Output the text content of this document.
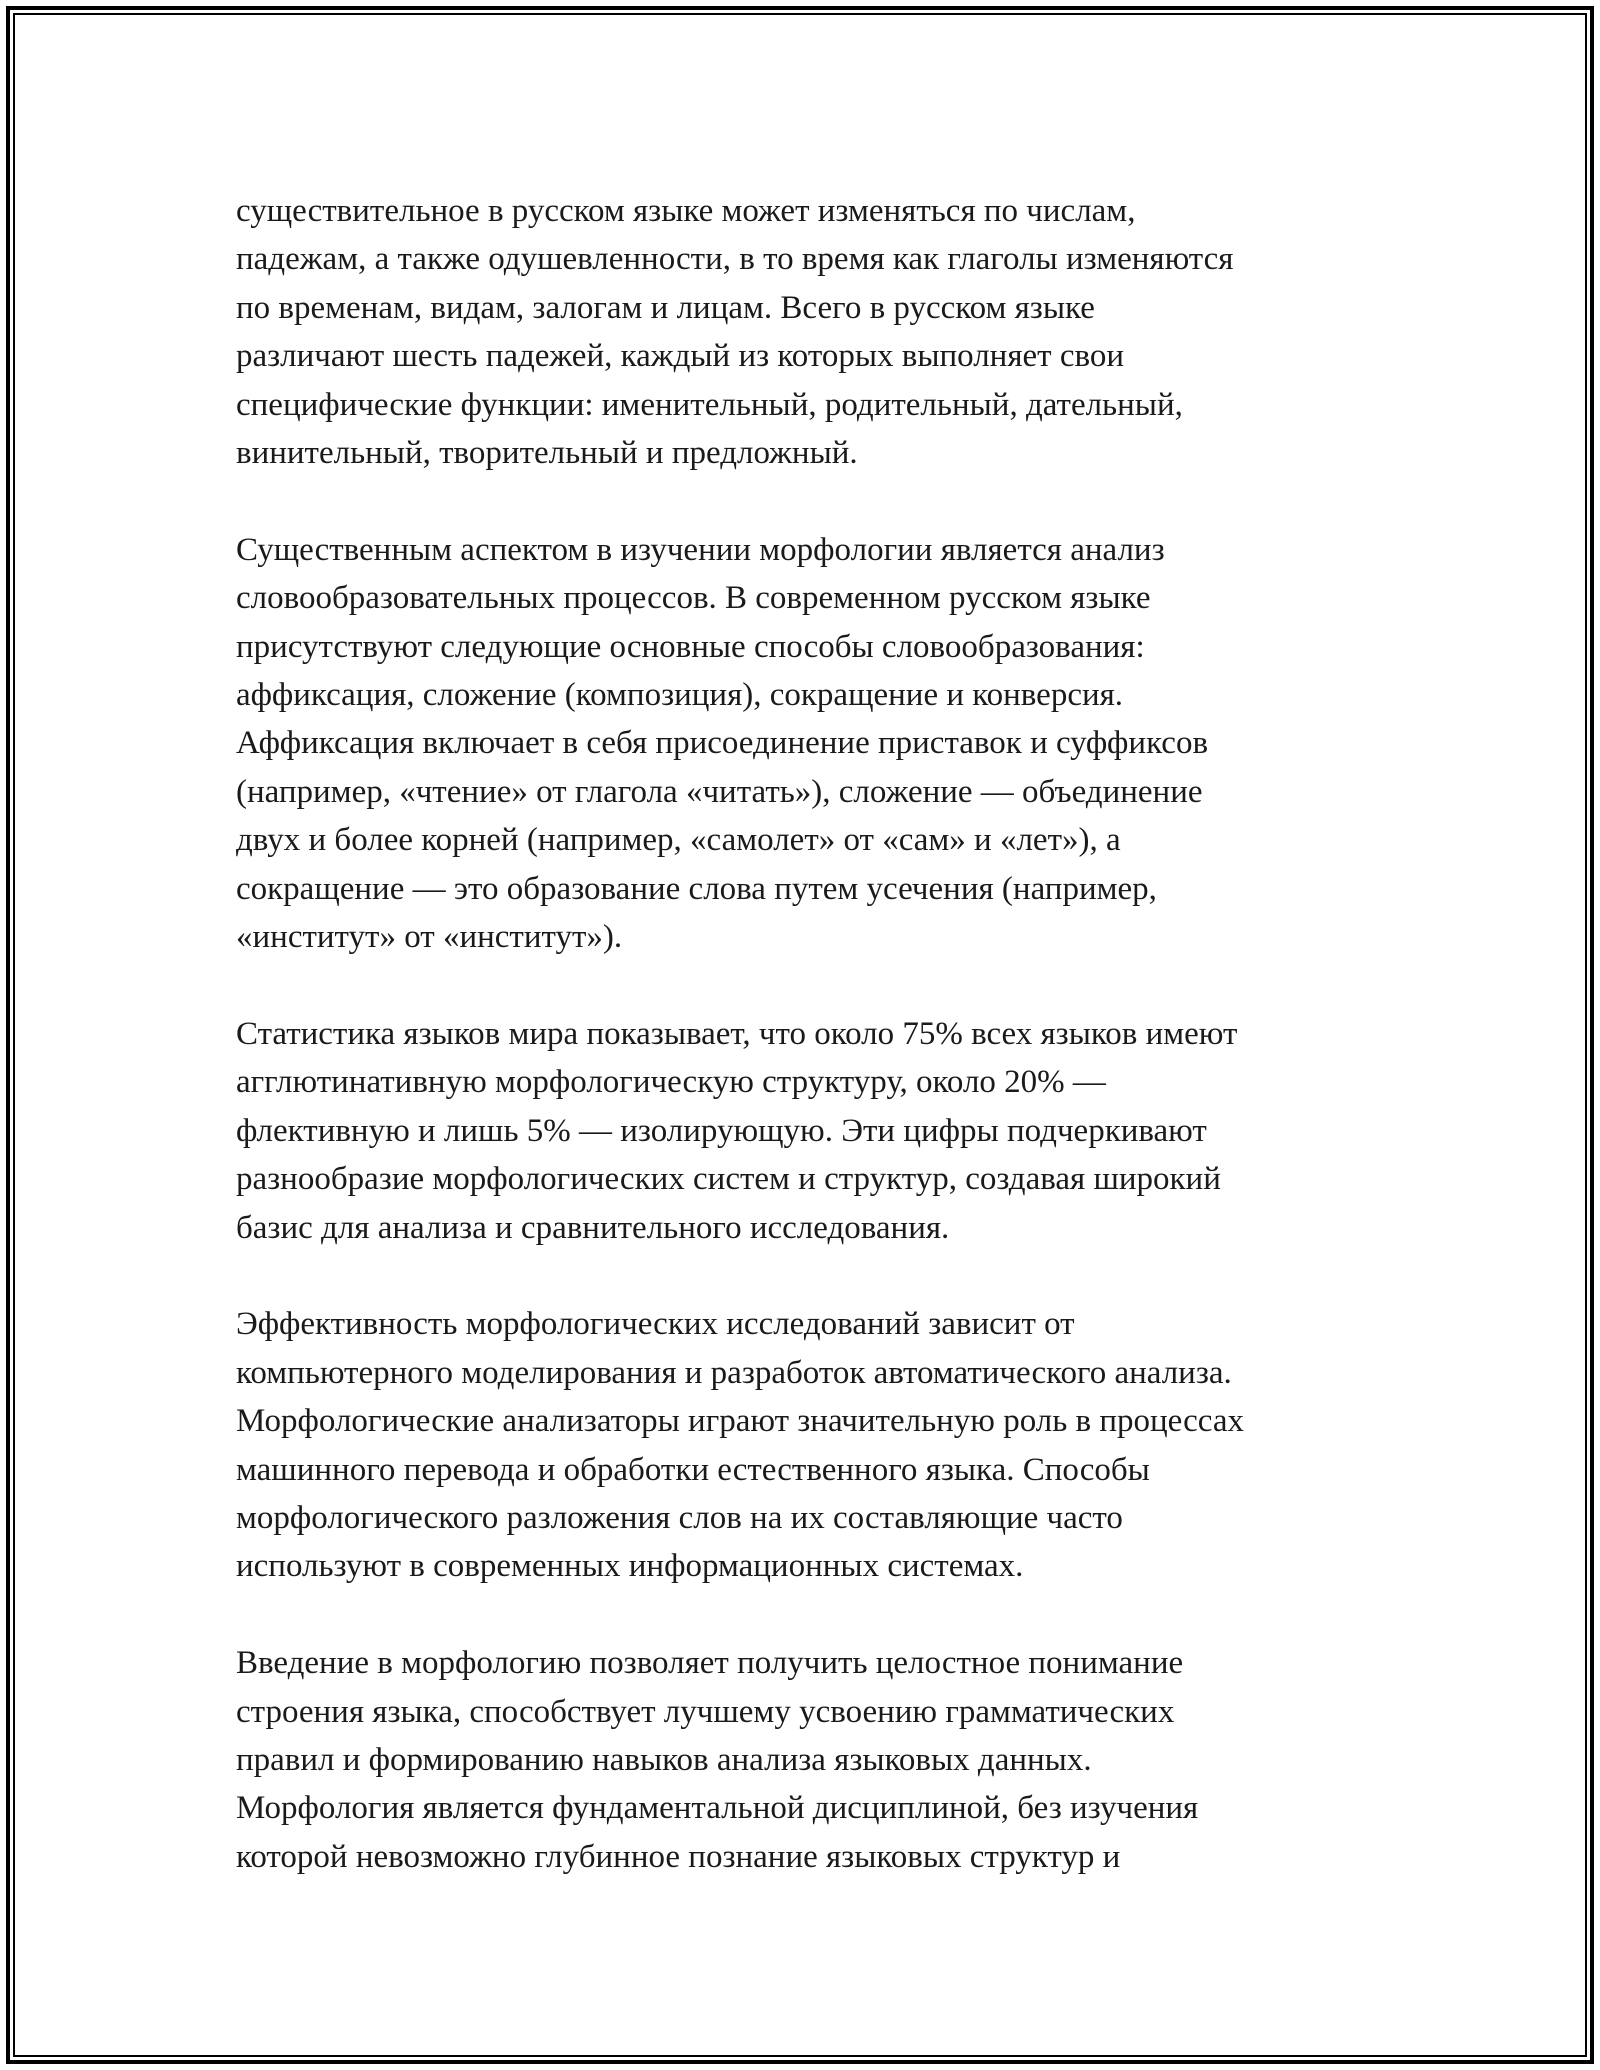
существительное в русском языке может изменяться по числам,
падежам, а также одушевленности, в то время как глаголы изменяются
по временам, видам, залогам и лицам. Всего в русском языке
различают шесть падежей, каждый из которых выполняет свои
специфические функции: именительный, родительный, дательный,
винительный, творительный и предложный.

Существенным аспектом в изучении морфологии является анализ
словообразовательных процессов. В современном русском языке
присутствуют следующие основные способы словообразования:
аффиксация, сложение (композиция), сокращение и конверсия.
Аффиксация включает в себя присоединение приставок и суффиксов
(например, «чтение» от глагола «читать»), сложение — объединение
двух и более корней (например, «самолет» от «сам» и «лет»), а
сокращение — это образование слова путем усечения (например,
«институт» от «институт»).

Статистика языков мира показывает, что около 75% всех языков имеют
агглютинативную морфологическую структуру, около 20% —
флективную и лишь 5% — изолирующую. Эти цифры подчеркивают
разнообразие морфологических систем и структур, создавая широкий
базис для анализа и сравнительного исследования.

Эффективность морфологических исследований зависит от
компьютерного моделирования и разработок автоматического анализа.
Морфологические анализаторы играют значительную роль в процессах
машинного перевода и обработки естественного языка. Способы
морфологического разложения слов на их составляющие часто
используют в современных информационных системах.

Введение в морфологию позволяет получить целостное понимание
строения языка, способствует лучшему усвоению грамматических
правил и формированию навыков анализа языковых данных.
Морфология является фундаментальной дисциплиной, без изучения
которой невозможно глубинное познание языковых структур и
